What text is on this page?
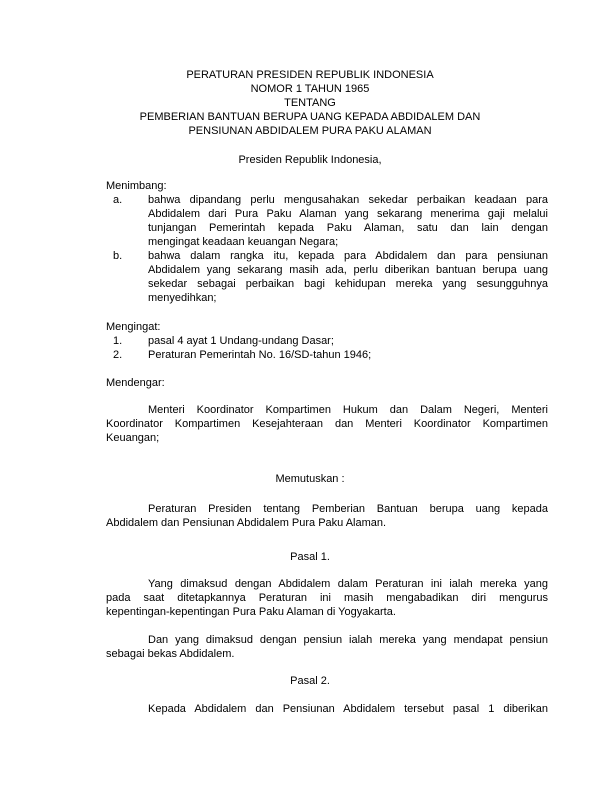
PERATURAN PRESIDEN REPUBLIK INDONESIA
NOMOR 1 TAHUN 1965
TENTANG
PEMBERIAN BANTUAN BERUPA UANG KEPADA ABDIDALEM DAN
PENSIUNAN ABDIDALEM PURA PAKU ALAMAN
Presiden Republik Indonesia,
Menimbang:
a. bahwa dipandang perlu mengusahakan sekedar perbaikan keadaan para
Abdidalem dari Pura Paku Alaman yang sekarang menerima gaji melalui
tunjangan Pemerintah kepada Paku Alaman, satu dan lain dengan
mengingat keadaan keuangan Negara;
b. bahwa dalam rangka itu, kepada para Abdidalem dan para pensiunan
Abdidalem yang sekarang masih ada, perlu diberikan bantuan berupa uang
sekedar sebagai perbaikan bagi kehidupan mereka yang sesungguhnya
menyedihkan;
Mengingat:
1. pasal 4 ayat 1 Undang-undang Dasar;
2. Peraturan Pemerintah No. 16/SD-tahun 1946;
Mendengar:
Menteri Koordinator Kompartimen Hukum dan Dalam Negeri, Menteri
Koordinator Kompartimen Kesejahteraan dan Menteri Koordinator Kompartimen
Keuangan;
Memutuskan :
Peraturan Presiden tentang Pemberian Bantuan berupa uang kepada
Abdidalem dan Pensiunan Abdidalem Pura Paku Alaman.
Pasal 1.
Yang dimaksud dengan Abdidalem dalam Peraturan ini ialah mereka yang
pada saat ditetapkannya Peraturan ini masih mengabadikan diri mengurus
kepentingan-kepentingan Pura Paku Alaman di Yogyakarta.
Dan yang dimaksud dengan pensiun ialah mereka yang mendapat pensiun
sebagai bekas Abdidalem.
Pasal 2.
Kepada Abdidalem dan Pensiunan Abdidalem tersebut pasal 1 diberikan
